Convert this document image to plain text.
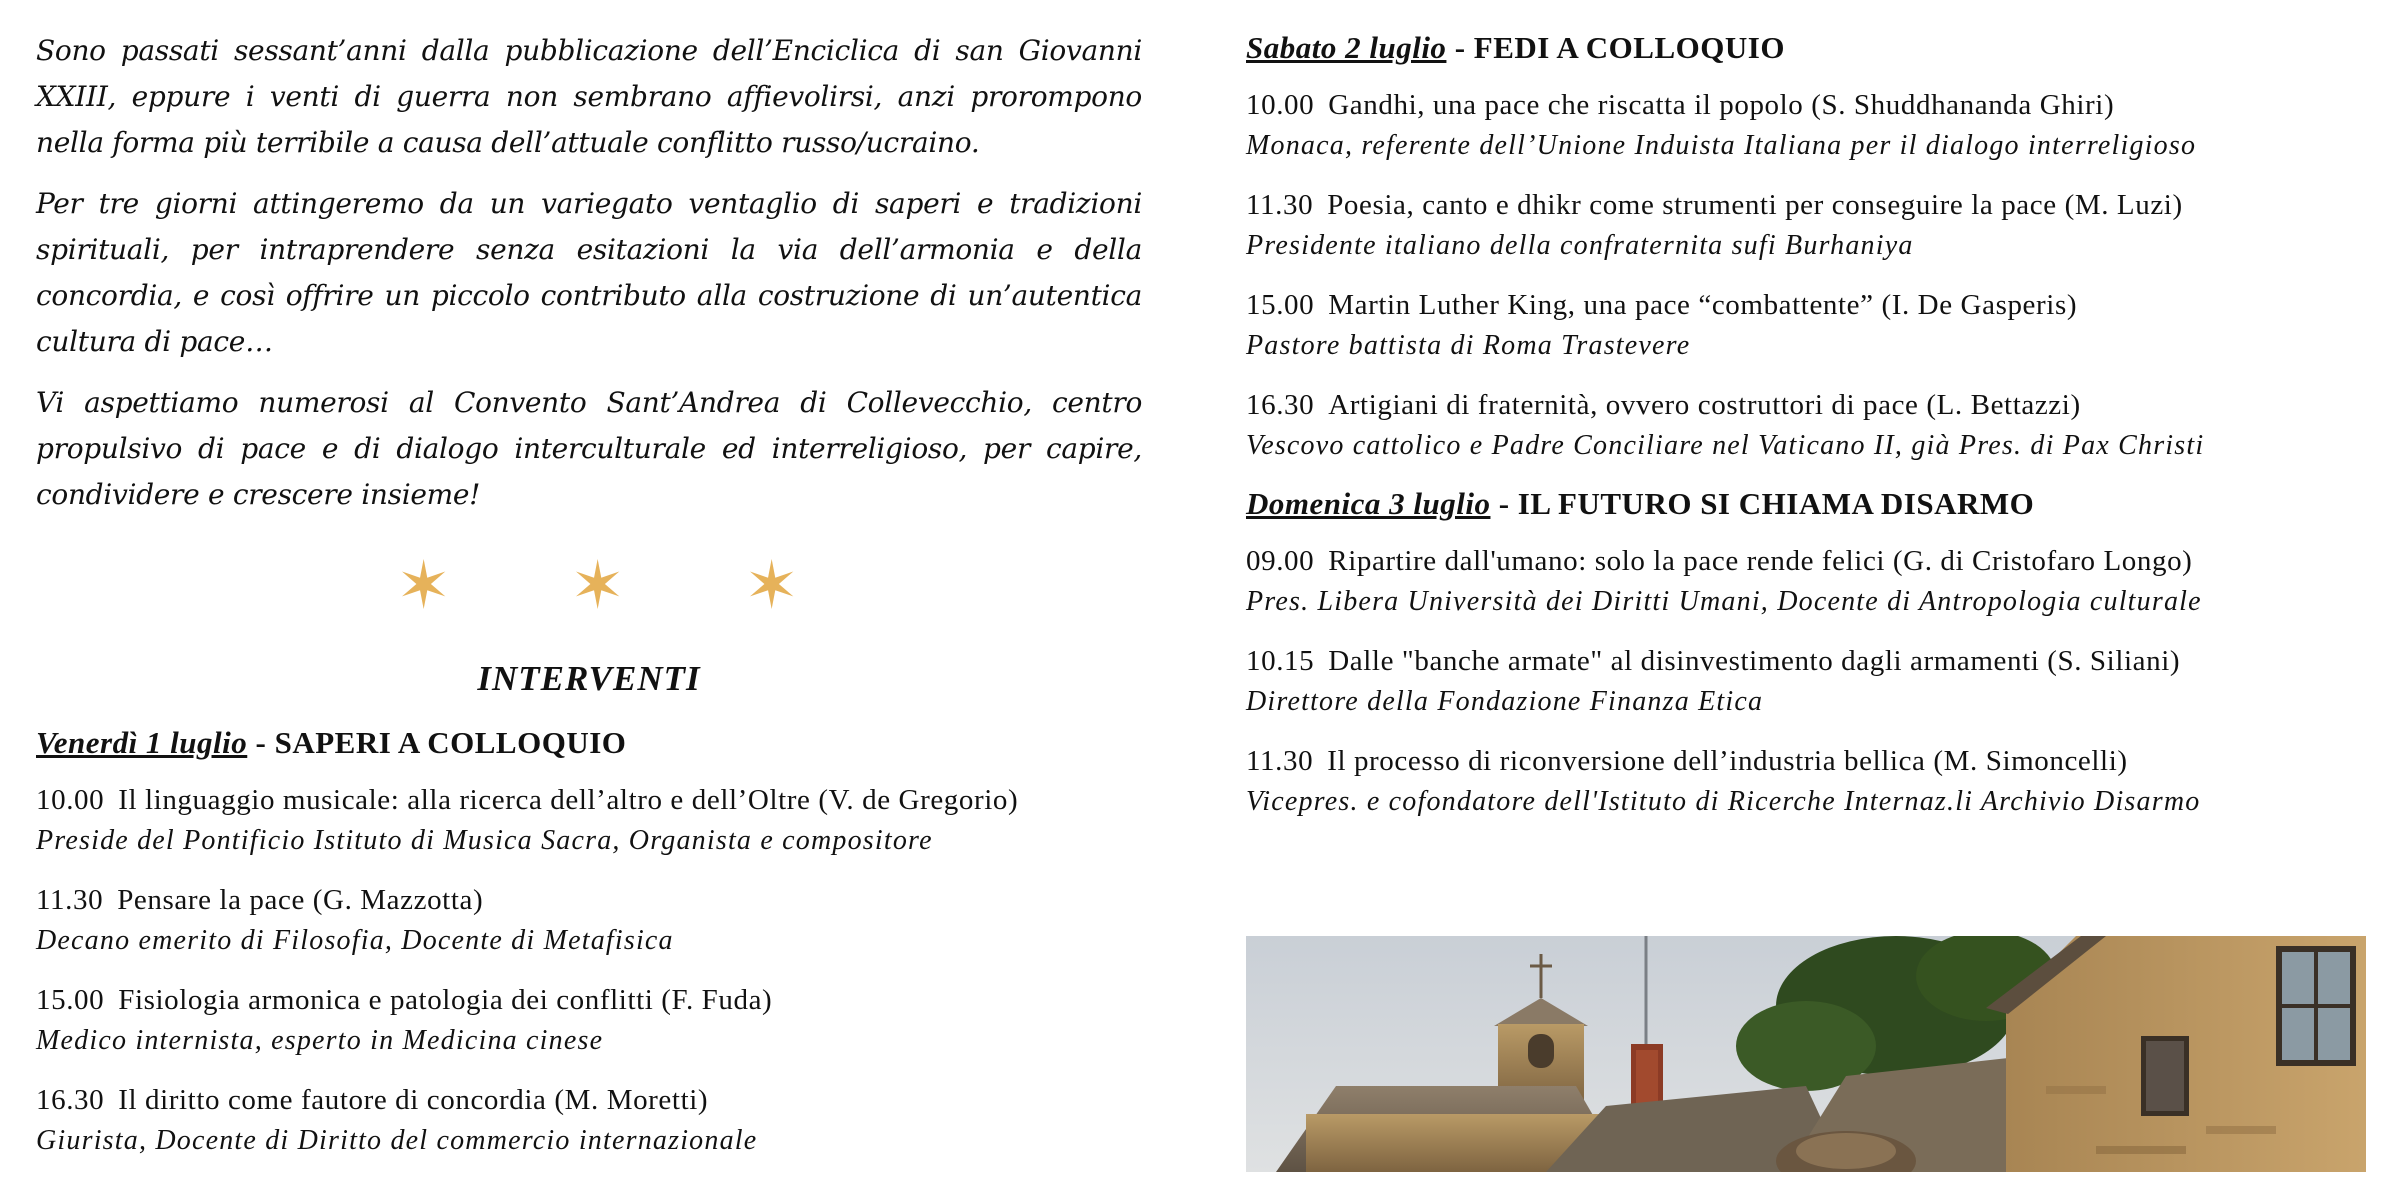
Sono passati sessant’anni dalla pubblicazione dell’Enciclica di san Giovanni XXIII, eppure i venti di guerra non sembrano affievolirsi, anzi prorompono nella forma più terribile a causa dell’attuale conflitto russo/ucraino.

Per tre giorni attingeremo da un variegato ventaglio di saperi e tradizioni spirituali, per intraprendere senza esitazioni la via dell’armonia e della concordia, e così offrire un piccolo contributo alla costruzione di un’autentica cultura di pace…

Vi aspettiamo numerosi al Convento Sant’Andrea di Collevecchio, centro propulsivo di pace e di dialogo interculturale ed interreligioso, per capire, condividere e crescere insieme!

✶ ✶ ✶
INTERVENTI
Venerdì 1 luglio - SAPERI A COLLOQUIO
10.00 Il linguaggio musicale: alla ricerca dell’altro e dell’Oltre (V. de Gregorio)
Preside del Pontificio Istituto di Musica Sacra, Organista e compositore
11.30 Pensare la pace (G. Mazzotta)
Decano emerito di Filosofia, Docente di Metafisica
15.00 Fisiologia armonica e patologia dei conflitti (F. Fuda)
Medico internista, esperto in Medicina cinese
16.30 Il diritto come fautore di concordia (M. Moretti)
Giurista, Docente di Diritto del commercio internazionale
Sabato 2 luglio - FEDI A COLLOQUIO
10.00 Gandhi, una pace che riscatta il popolo (S. Shuddhananda Ghiri)
Monaca, referente dell’Unione Induista Italiana per il dialogo interreligioso
11.30 Poesia, canto e dhikr come strumenti per conseguire la pace (M. Luzi)
Presidente italiano della confraternita sufi Burhaniya
15.00 Martin Luther King, una pace “combattente” (I. De Gasperis)
Pastore battista di Roma Trastevere
16.30 Artigiani di fraternità, ovvero costruttori di pace (L. Bettazzi)
Vescovo cattolico e Padre Conciliare nel Vaticano II, già Pres. di Pax Christi
Domenica 3 luglio - IL FUTURO SI CHIAMA DISARMO
09.00 Ripartire dall'umano: solo la pace rende felici (G. di Cristofaro Longo)
Pres. Libera Università dei Diritti Umani, Docente di Antropologia culturale
10.15 Dalle "banche armate" al disinvestimento dagli armamenti (S. Siliani)
Direttore della Fondazione Finanza Etica
11.30 Il processo di riconversione dell’industria bellica (M. Simoncelli)
Vicepres. e cofondatore dell'Istituto di Ricerche Internaz.li Archivio Disarmo
